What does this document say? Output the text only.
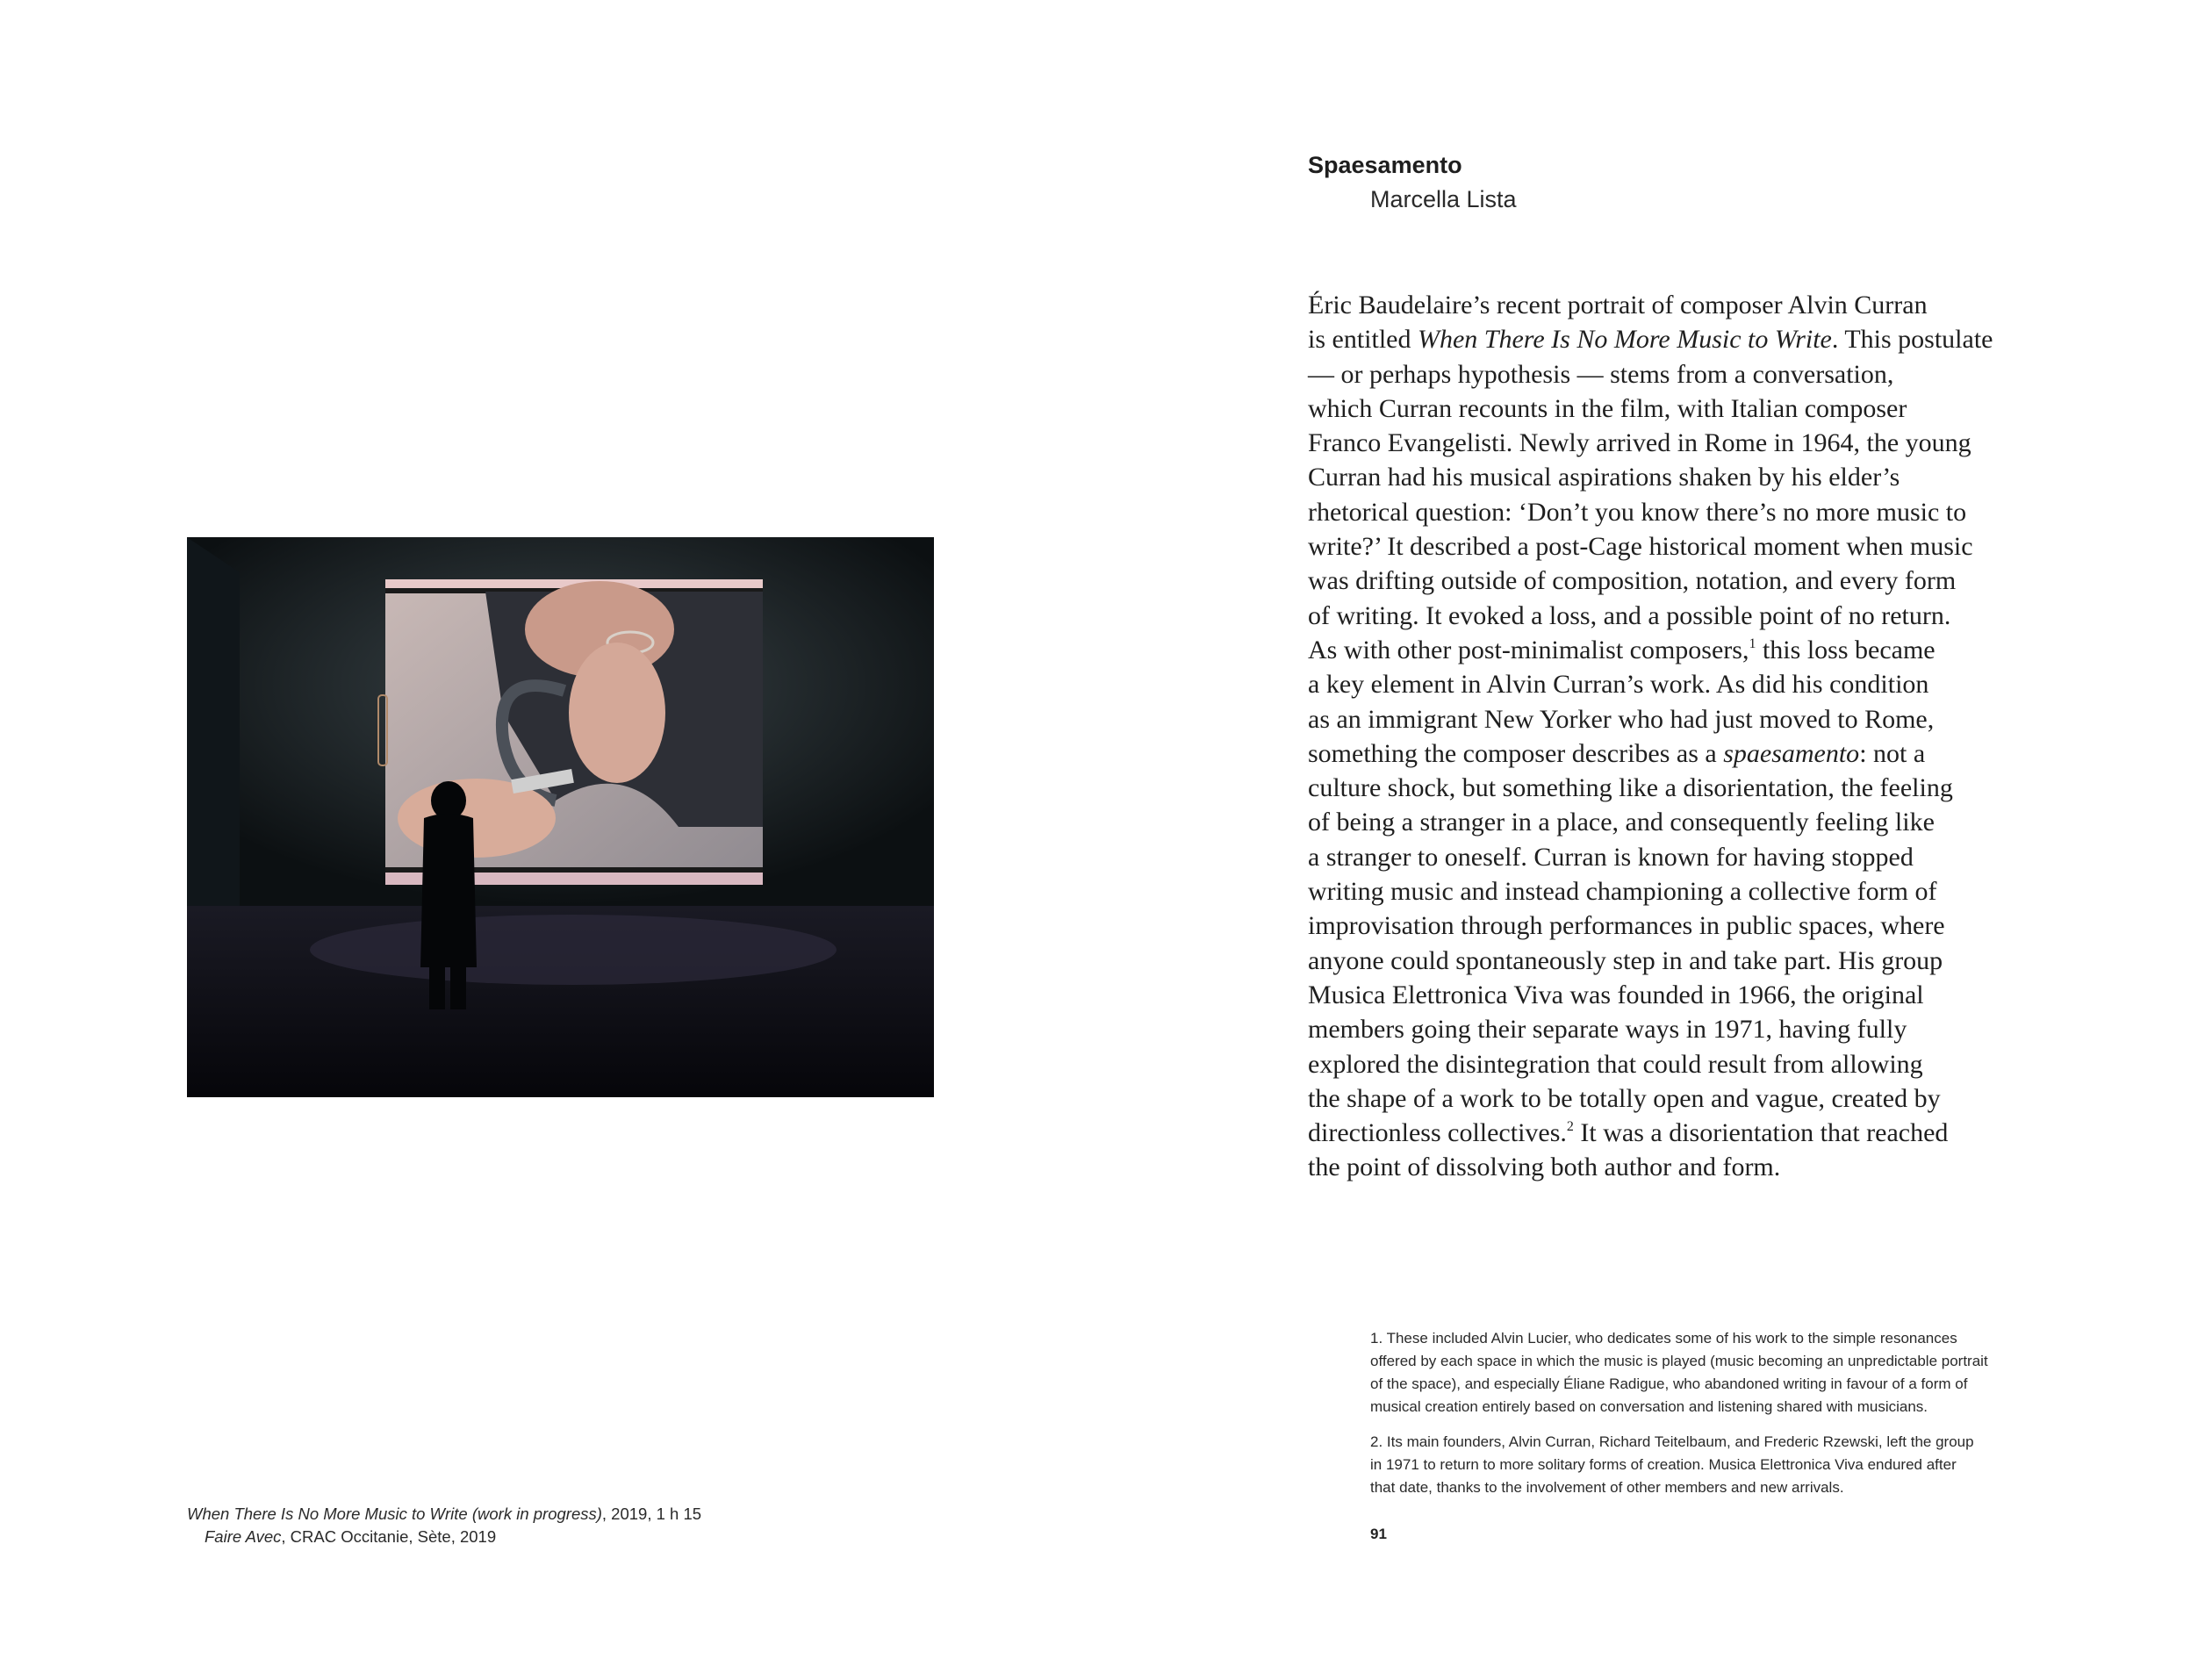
When There Is No More Music to Write (work in progress), 2019, 1 h 15
Faire Avec, CRAC Occitanie, Sète, 2019
Spaesamento
Marcella Lista
Éric Baudelaire’s recent portrait of composer Alvin Curran
is entitled When There Is No More Music to Write. This postulate
— or perhaps hypothesis — stems from a conversation,
which Curran recounts in the film, with Italian composer
Franco Evangelisti. Newly arrived in Rome in 1964, the young
Curran had his musical aspirations shaken by his elder’s
rhetorical question: ‘Don’t you know there’s no more music to
write?’ It described a post-Cage historical moment when music
was drifting outside of composition, notation, and every form
of writing. It evoked a loss, and a possible point of no return.
As with other post-minimalist composers,$^1$ this loss became
a key element in Alvin Curran’s work. As did his condition
as an immigrant New Yorker who had just moved to Rome,
something the composer describes as a spaesamento: not a
culture shock, but something like a disorientation, the feeling
of being a stranger in a place, and consequently feeling like
a stranger to oneself. Curran is known for having stopped
writing music and instead championing a collective form of
improvisation through performances in public spaces, where
anyone could spontaneously step in and take part. His group
Musica Elettronica Viva was founded in 1966, the original
members going their separate ways in 1971, having fully
explored the disintegration that could result from allowing
the shape of a work to be totally open and vague, created by
directionless collectives.$^2$ It was a disorientation that reached
the point of dissolving both author and form.
1. These included Alvin Lucier, who dedicates some of his work to the simple resonances
offered by each space in which the music is played (music becoming an unpredictable portrait
of the space), and especially Éliane Radigue, who abandoned writing in favour of a form of
musical creation entirely based on conversation and listening shared with musicians.
2. Its main founders, Alvin Curran, Richard Teitelbaum, and Frederic Rzewski, left the group
in 1971 to return to more solitary forms of creation. Musica Elettronica Viva endured after
that date, thanks to the involvement of other members and new arrivals.
91
